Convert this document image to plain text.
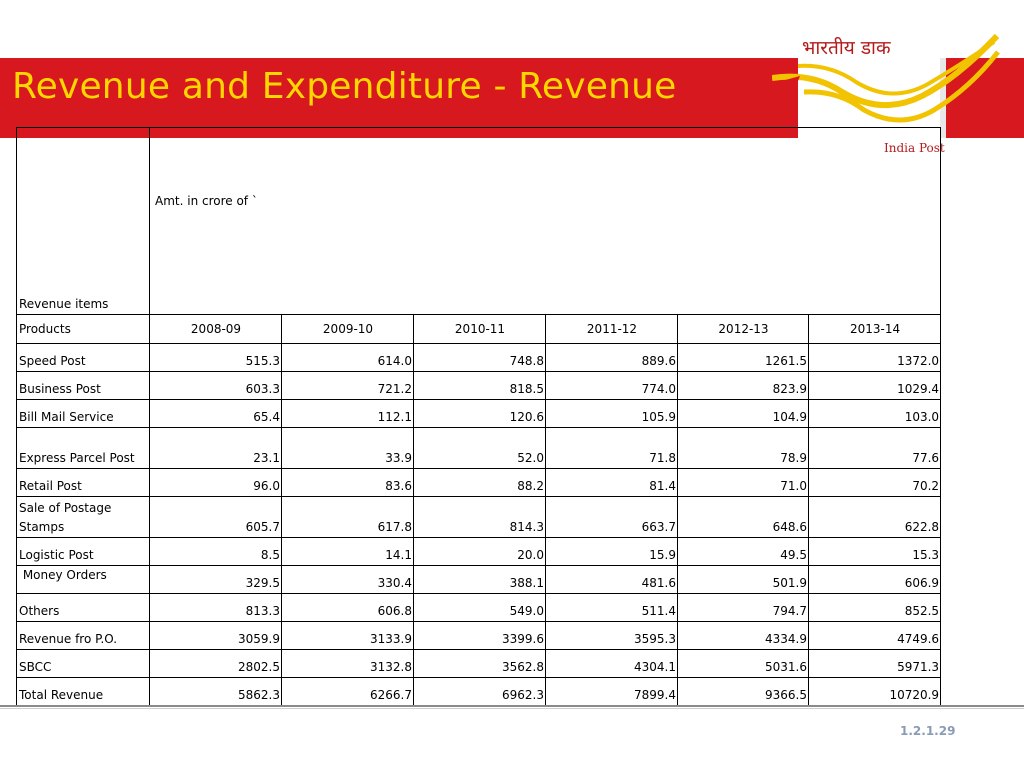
Revenue and Expenditure - Revenue
भारतीय डाक
India Post
Revenue items	Amt. in crore of `					
Products	2008-09	2009-10	2010-11	2011-12	2012-13	2013-14
Speed Post	515.3	614.0	748.8	889.6	1261.5	1372.0
Business Post	603.3	721.2	818.5	774.0	823.9	1029.4
Bill Mail Service	65.4	112.1	120.6	105.9	104.9	103.0
Express Parcel Post	23.1	33.9	52.0	71.8	78.9	77.6
Retail Post	96.0	83.6	88.2	81.4	71.0	70.2
Sale of Postage Stamps	605.7	617.8	814.3	663.7	648.6	622.8
Logistic Post	8.5	14.1	20.0	15.9	49.5	15.3
Money Orders	329.5	330.4	388.1	481.6	501.9	606.9
Others	813.3	606.8	549.0	511.4	794.7	852.5
Revenue fro P.O.	3059.9	3133.9	3399.6	3595.3	4334.9	4749.6
SBCC	2802.5	3132.8	3562.8	4304.1	5031.6	5971.3
Total Revenue	5862.3	6266.7	6962.3	7899.4	9366.5	10720.9
1.2.1.29
